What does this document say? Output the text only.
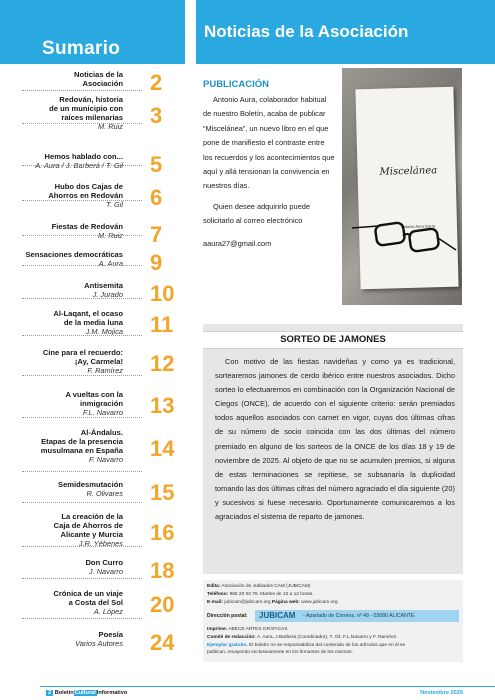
Sumario
Noticias de la
Asociación 2
Redován, historia
de un municipio con
raíces milenarias
M. Ruiz 3
Hemos hablado con...
A. Aura / J. Barberá / T. Gil 5
Hubo dos Cajas de
Ahorros en Redován
T. Gil 6
Fiestas de Redován
M. Ruiz 7
Sensaciones democráticas
A. Aura 9
Antisemita
J. Jurado 10
Al-Laqant, el ocaso
de la media luna
J.M. Mojica 11
Cine para el recuerdo:
¡Ay, Carmela!
F. Ramírez 12
A vueltas con la
inmigración
F.L. Navarro 13
Al-Ándalus.
Etapas de la presencia
musulmana en España
F. Navarro 14
Semidesmutación
R. Olivares 15
La creación de la
Caja de Ahorros de
Alicante y Murcia
J.R. Yébenes 16
Don Curro
J. Navarro 18
Crónica de un viaje
a Costa del Sol
A. López 20
Poesía
Varios Autores 24
Noticias de la Asociación
PUBLICACIÓN

Antonio Aura, colaborador habitual de nuestro Boletín, acaba de publicar “Miscelánea”, un nuevo libro en el que pone de manifiesto el contraste entre los recuerdos y los acontecimientos que aquí y allá tensionan la convivencia en nuestros días.

Quien desee adquirirlo puede solicitarlo al correo electrónico

aaura27@gmail.com
Miscelánea
Antonio Aura Ivorra
SORTEO DE JAMONES
Con motivo de las fiestas navideñas y como ya es tradicional, sortearemos jamones de cerdo ibérico entre nuestros asociados. Dicho sorteo lo efectuaremos en combinación con la Organización Nacional de Ciegos (ONCE), de acuerdo con el siguiente criterio: serán premiados todos aquellos asociados con carnet en vigor, cuyas dos últimas cifras de su número de socio coincida con las dos últimas del número premiado en alguno de los sorteos de la ONCE de los días 18 y 19 de noviembre de 2025. Al objeto de que no se acumulen premios, si alguna de estas terminaciones se repitiese, se subsanaría la duplicidad tomando las dos últimas cifras del número agraciado el día siguiente (20) y sucesivos si fuese necesario. Oportunamente comunicaremos a los agraciados el sistema de reparto de jamones.
Edita: Asociación de Jubilados CAM (JUBICAM)
Teléfono: 965 20 02 76. Martes de 10 a 12 horas.
E-mail: jubicam@jubicam.org Página web: www.jubicam.org
Dirección postal: JUBICAM - Apartado de Correos, nº 49 - 03080 ALICANTE
Imprime: ABECE ARTES GRÁFICAS
Comité de redacción: A. Aura, J.Barberá (Coordinador), T. Gil, F.L.Navarro y F. Ramírez.
Ejemplar gratuito. El boletín no se responsabiliza del contenido de los artículos que en él se
publican, recayendo exclusivamente en los firmantes de los mismos.
2 BoletínCulturalInformativo	Noviembre 2025
